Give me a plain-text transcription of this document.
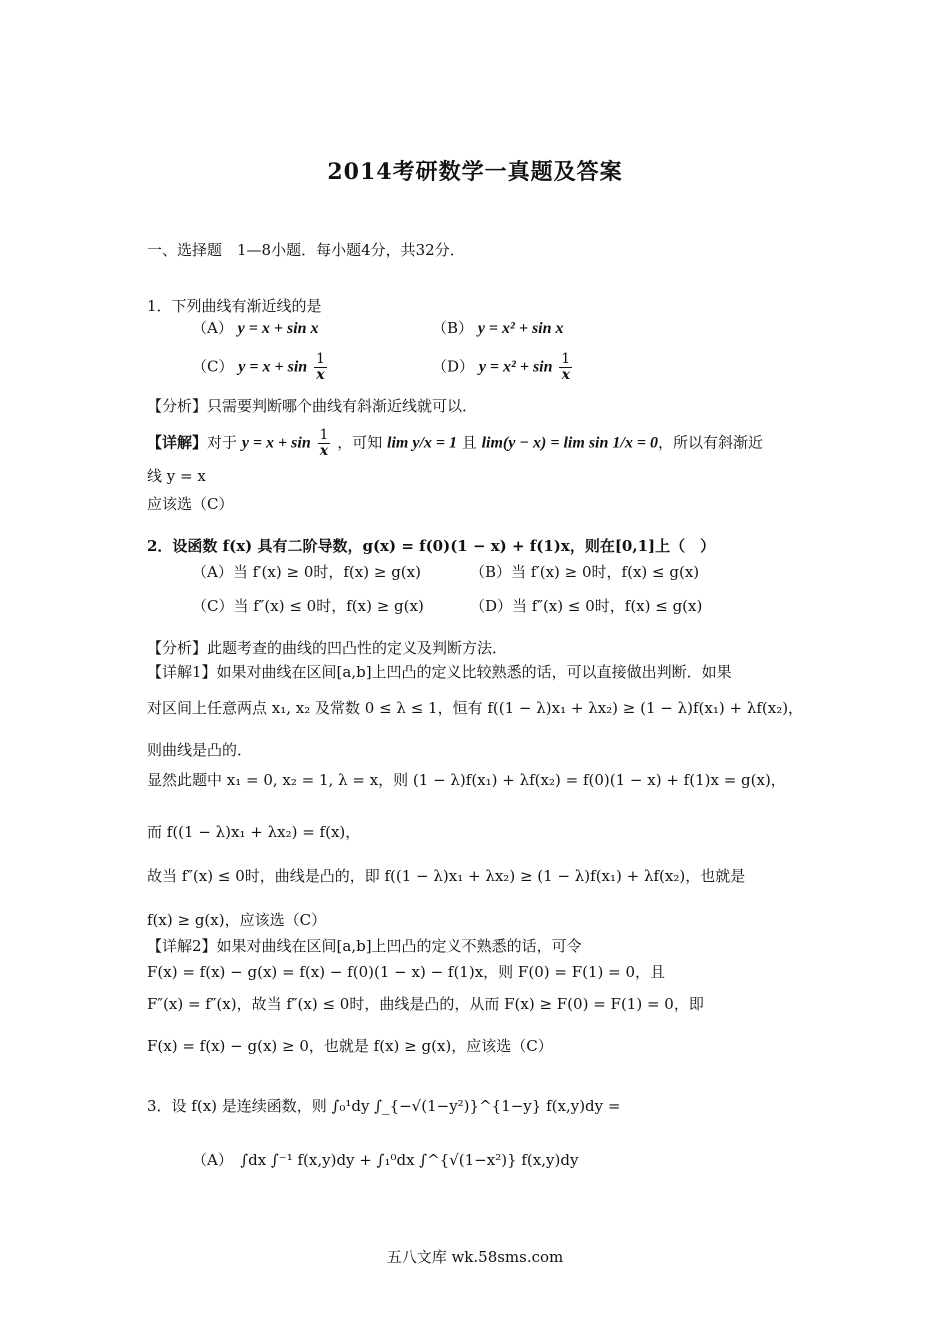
2014考研数学一真题及答案
一、选择题　1—8小题．每小题4分，共32分．
1．下列曲线有渐近线的是
（A） y = x + sin x	（B） y = x² + sin x
（C） $y = x + \sin \frac{1}{x}$	（D） $y = x^2 + \sin \frac{1}{x}$
【分析】只需要判断哪个曲线有斜渐近线就可以．
【详解】对于 $y = x + \sin \frac{1}{x}$ ，可知 lim y/x = 1 且 lim(y − x) = lim sin 1/x = 0，所以有斜渐近
线 y = x
应该选（C）
2．设函数 f(x) 具有二阶导数，g(x) = f(0)(1 − x) + f(1)x，则在[0,1]上（　）
（A）当 f′(x) ≥ 0时，f(x) ≥ g(x)	（B）当 f′(x) ≥ 0时，f(x) ≤ g(x)
（C）当 f″(x) ≤ 0时，f(x) ≥ g(x)	（D）当 f″(x) ≤ 0时，f(x) ≤ g(x)
【分析】此题考查的曲线的凹凸性的定义及判断方法．
【详解1】如果对曲线在区间[a,b]上凹凸的定义比较熟悉的话，可以直接做出判断．如果
对区间上任意两点 x₁, x₂ 及常数 0 ≤ λ ≤ 1，恒有 f((1 − λ)x₁ + λx₂) ≥ (1 − λ)f(x₁) + λf(x₂)，
则曲线是凸的．
显然此题中 x₁ = 0, x₂ = 1, λ = x，则 (1 − λ)f(x₁) + λf(x₂) = f(0)(1 − x) + f(1)x = g(x)，
而 f((1 − λ)x₁ + λx₂) = f(x)，
故当 f″(x) ≤ 0时，曲线是凸的，即 f((1 − λ)x₁ + λx₂) ≥ (1 − λ)f(x₁) + λf(x₂)，也就是
f(x) ≥ g(x)，应该选（C）
【详解2】如果对曲线在区间[a,b]上凹凸的定义不熟悉的话，可令
F(x) = f(x) − g(x) = f(x) − f(0)(1 − x) − f(1)x，则 F(0) = F(1) = 0，且
F″(x) = f″(x)，故当 f″(x) ≤ 0时，曲线是凸的，从而 F(x) ≥ F(0) = F(1) = 0，即
F(x) = f(x) − g(x) ≥ 0，也就是 f(x) ≥ g(x)，应该选（C）
3．设 f(x) 是连续函数，则 ∫₀¹dy ∫_{−√(1−y²)}^{1−y} f(x,y)dy =
（A）　∫dx ∫⁻¹ f(x,y)dy + ∫₁⁰dx ∫^{√(1−x²)} f(x,y)dy
五八文库 wk.58sms.com
